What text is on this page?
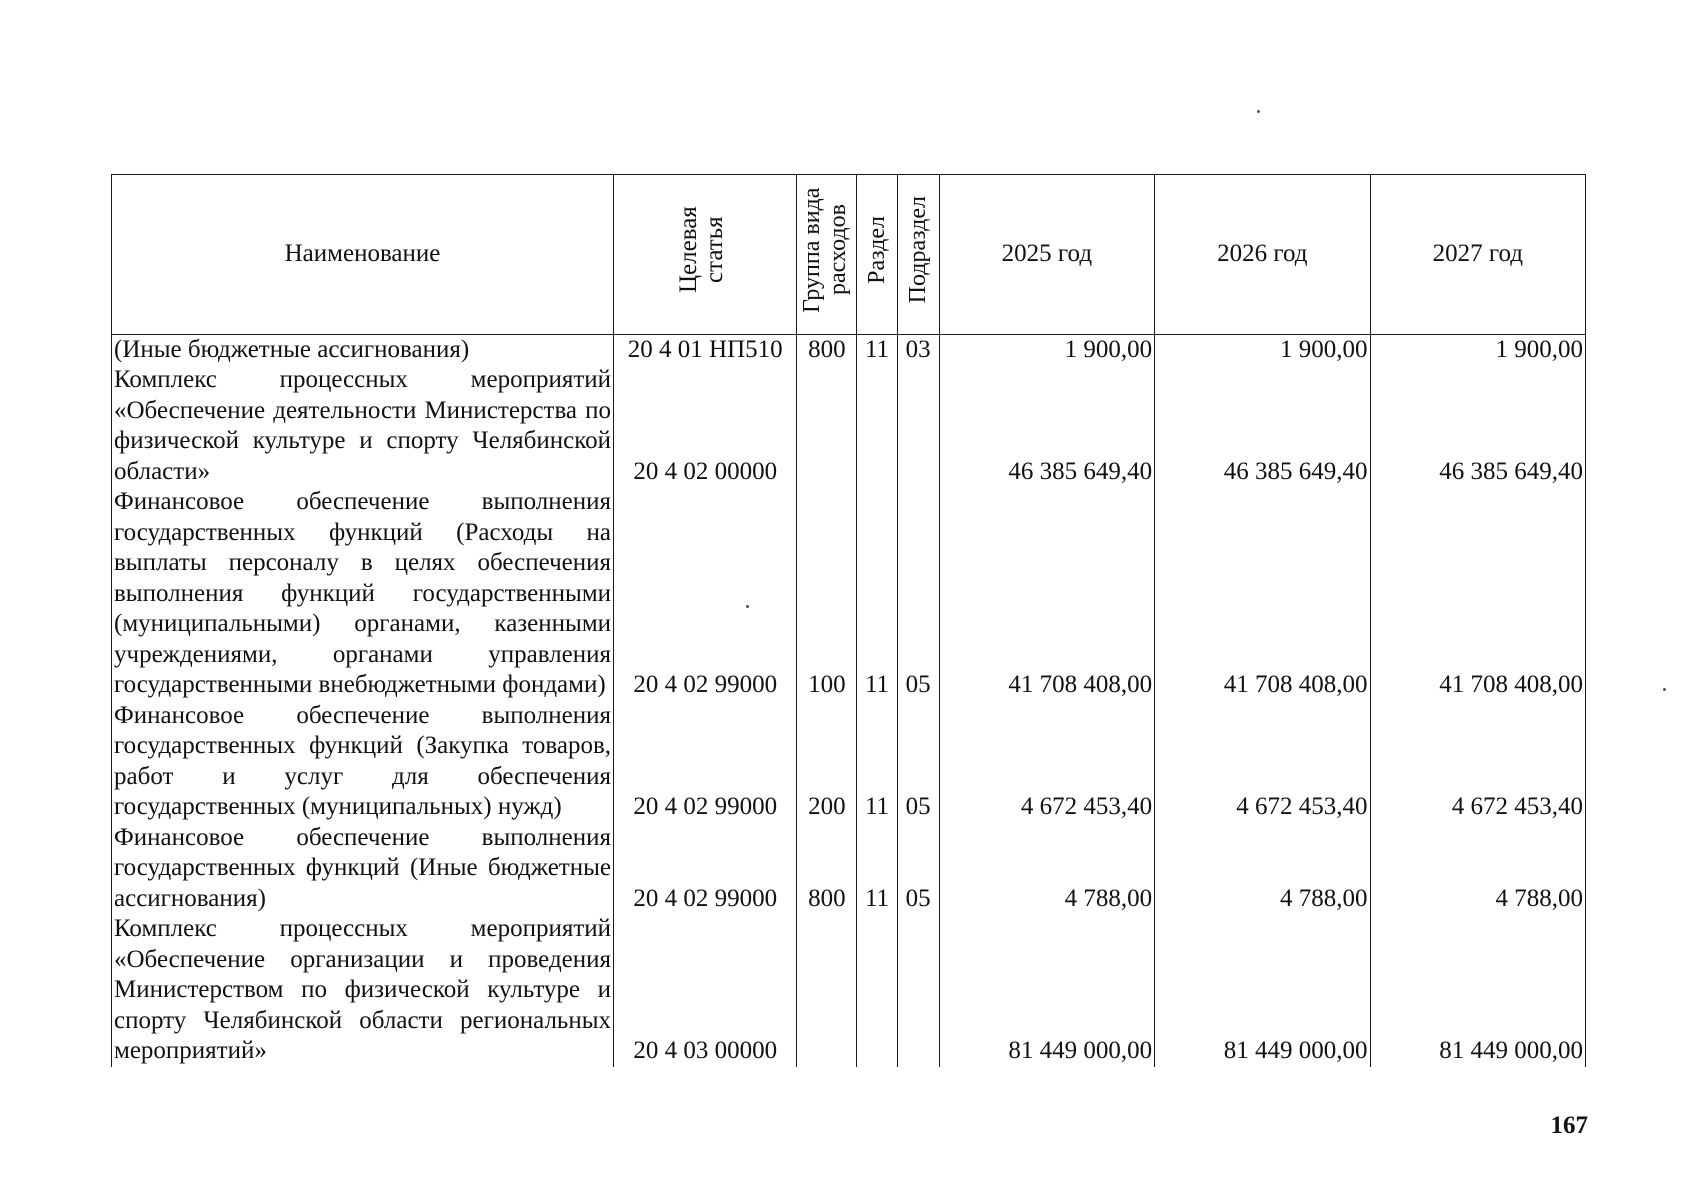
Наименование	Целевая статья	Группа вида расходов	Раздел	Подраздел	2025 год	2026 год	2027 год
(Иные бюджетные ассигнования)	20 4 01 НП510	800	11	03	1 900,00	1 900,00	1 900,00
Комплекс процессных мероприятий «Обеспечение деятельности Министерства по физической культуре и спорту Челябинской области»	20 4 02 00000				46 385 649,40	46 385 649,40	46 385 649,40
Финансовое обеспечение выполнения государственных функций (Расходы на выплаты персоналу в целях обеспечения выполнения функций государственными (муниципальными) органами, казенными учреждениями, органами управления государственными внебюджетными фондами)	20 4 02 99000	100	11	05	41 708 408,00	41 708 408,00	41 708 408,00
Финансовое обеспечение выполнения государственных функций (Закупка товаров, работ и услуг для обеспечения государственных (муниципальных) нужд)	20 4 02 99000	200	11	05	4 672 453,40	4 672 453,40	4 672 453,40
Финансовое обеспечение выполнения государственных функций (Иные бюджетные ассигнования)	20 4 02 99000	800	11	05	4 788,00	4 788,00	4 788,00
Комплекс процессных мероприятий «Обеспечение организации и проведения Министерством по физической культуре и спорту Челябинской области региональных мероприятий»	20 4 03 00000				81 449 000,00	81 449 000,00	81 449 000,00
167
